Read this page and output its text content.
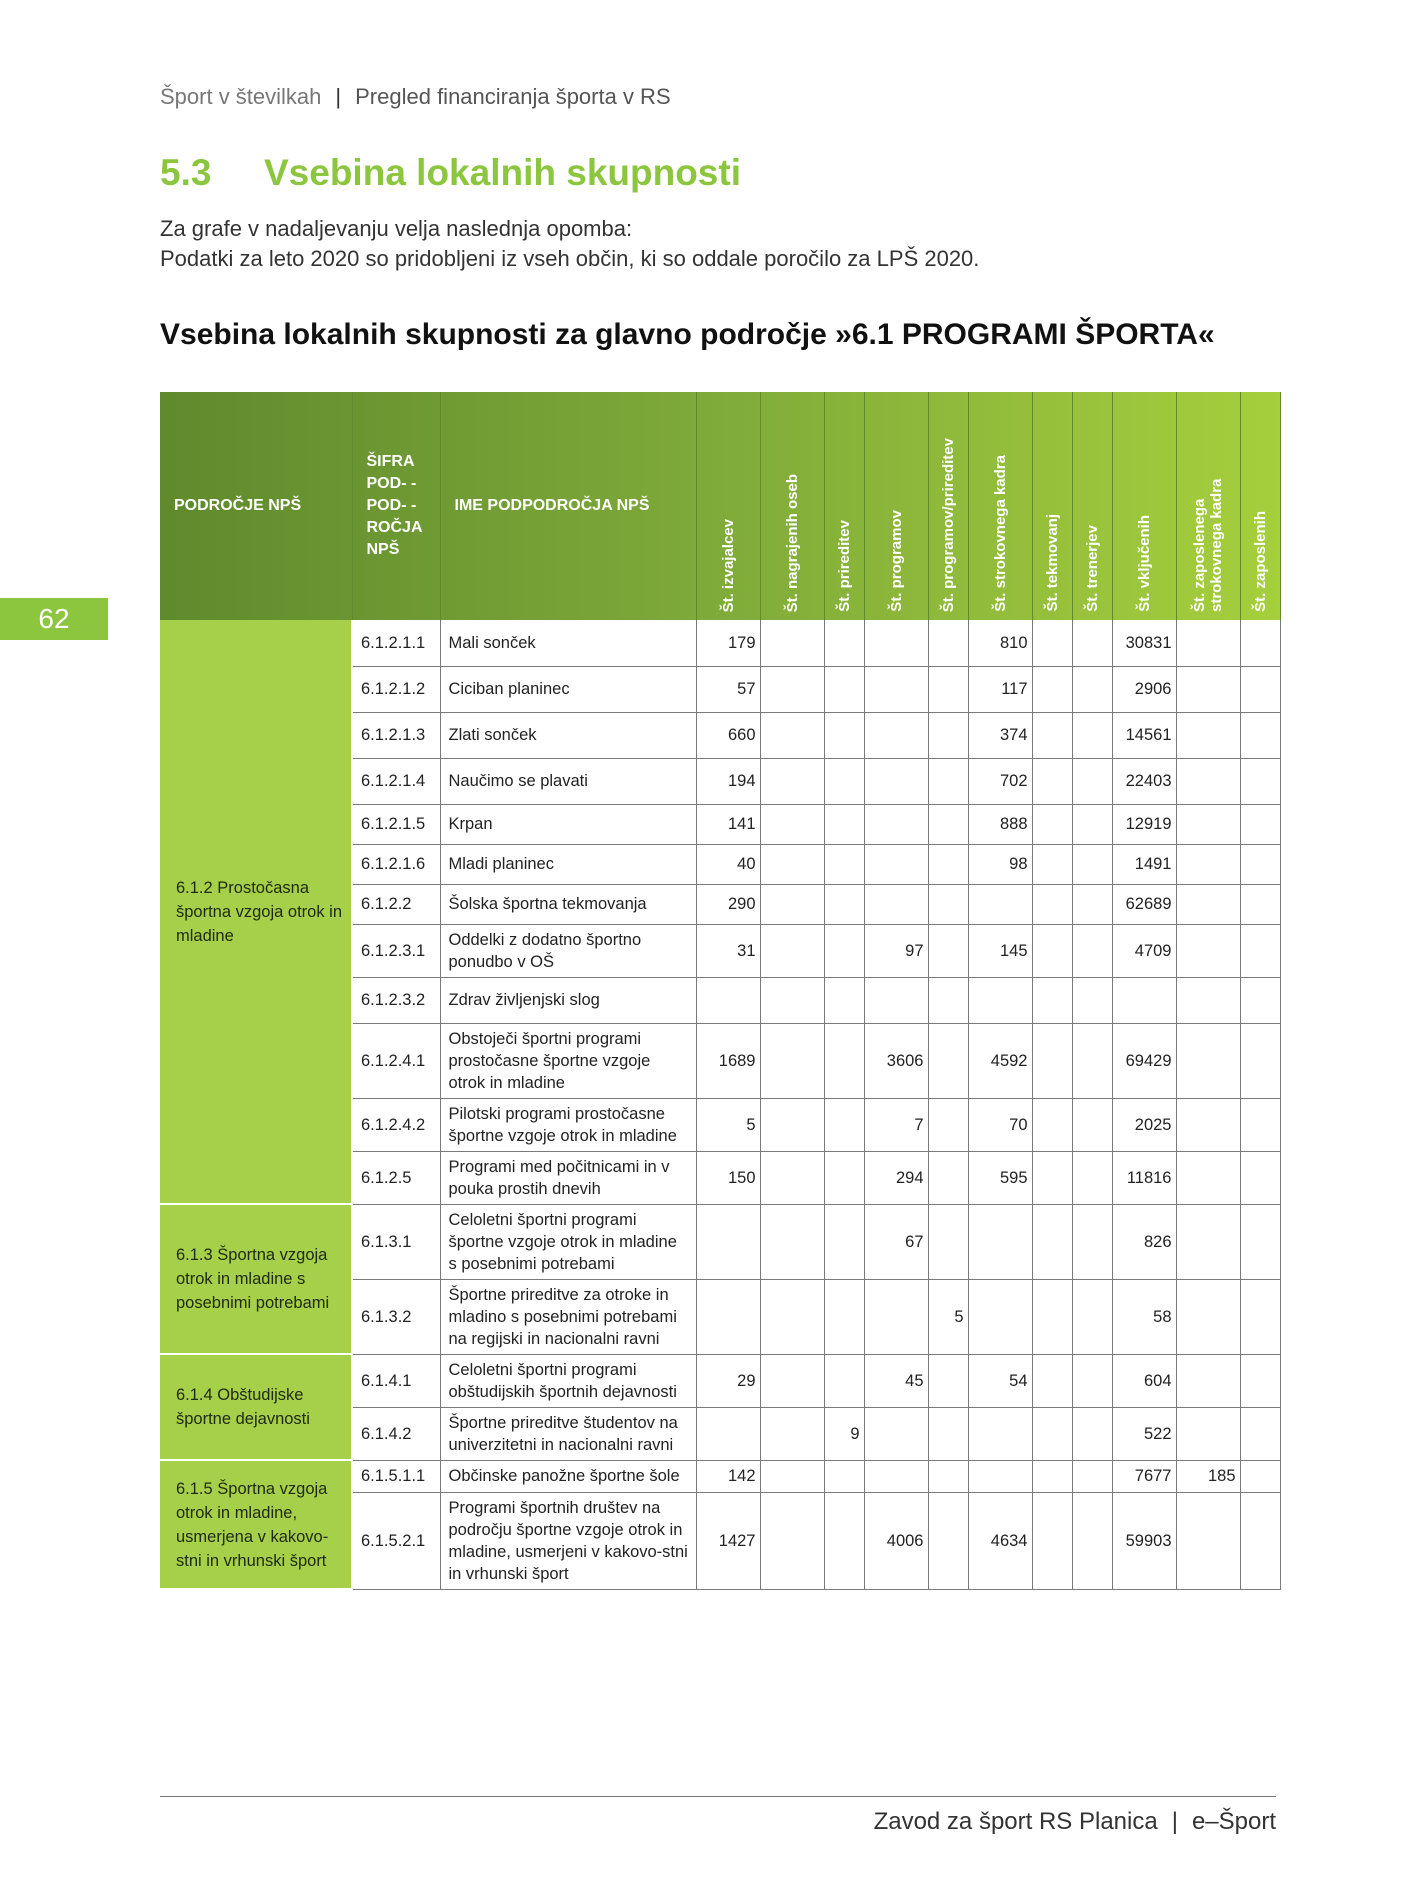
Šport v številkah | Pregled financiranja športa v RS
5.3 Vsebina lokalnih skupnosti
Za grafe v nadaljevanju velja naslednja opomba:
Podatki za leto 2020 so pridobljeni iz vseh občin, ki so oddale poročilo za LPŠ 2020.
Vsebina lokalnih skupnosti za glavno področje »6.1 PROGRAMI ŠPORTA«
62
PODROČJE NPŠ	ŠIFRA POD- -POD- -ROČJA NPŠ	IME PODPODROČJA NPŠ	Št. izvajalcev	Št. nagrajenih oseb	Št. prireditev	Št. programov	Št. programov/prireditev	Št. strokovnega kadra	Št. tekmovanj	Št. trenerjev	Št. vključenih	Št. zaposlenega strokovnega kadra	Št. zaposlenih

6.1.2 Prostočasna športna vzgoja otrok in mladine	6.1.2.1.1	Mali sonček	179					810			30831		
	6.1.2.1.2	Ciciban planinec	57					117			2906		
	6.1.2.1.3	Zlati sonček	660					374			14561		
	6.1.2.1.4	Naučimo se plavati	194					702			22403		
	6.1.2.1.5	Krpan	141					888			12919		
	6.1.2.1.6	Mladi planinec	40					98			1491		
	6.1.2.2	Šolska športna tekmovanja	290								62689		
	6.1.2.3.1	Oddelki z dodatno športno ponudbo v OŠ	31			97		145			4709		
	6.1.2.3.2	Zdrav življenjski slog											
	6.1.2.4.1	Obstoječi športni programi prostočasne športne vzgoje otrok in mladine	1689			3606		4592			69429		
	6.1.2.4.2	Pilotski programi prostočasne športne vzgoje otrok in mladine	5			7		70			2025		
	6.1.2.5	Programi med počitnicami in v pouka prostih dnevih	150			294		595			11816		
6.1.3 Športna vzgoja otrok in mladine s posebnimi potrebami	6.1.3.1	Celoletni športni programi športne vzgoje otrok in mladine s posebnimi potrebami				67					826		
	6.1.3.2	Športne prireditve za otroke in mladino s posebnimi potrebami na regijski in nacionalni ravni					5				58		
6.1.4 Obštudijske športne dejavnosti	6.1.4.1	Celoletni športni programi obštudijskih športnih dejavnosti	29			45		54			604		
	6.1.4.2	Športne prireditve študentov na univerzitetni in nacionalni ravni			9						522		
6.1.5 Športna vzgoja otrok in mladine, usmerjena v kakovo-stni in vrhunski šport	6.1.5.1.1	Občinske panožne športne šole	142								7677	185	
	6.1.5.2.1	Programi športnih društev na področju športne vzgoje otrok in mladine, usmerjeni v kakovo-stni in vrhunski šport	1427			4006		4634			59903		
Zavod za šport RS Planica | e–Šport
